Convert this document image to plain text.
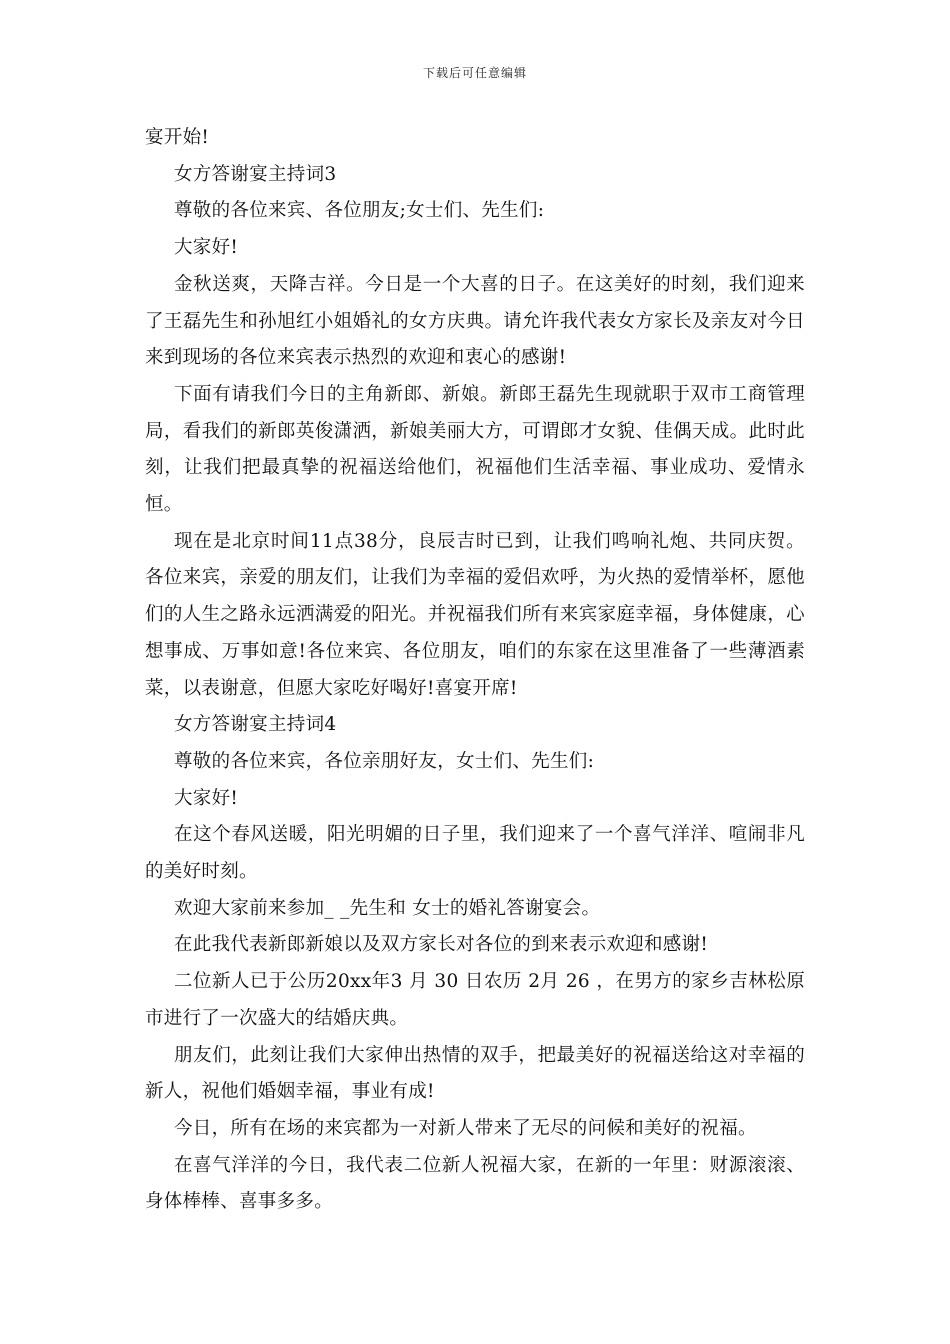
下载后可任意编辑

宴开始!

女方答谢宴主持词3

尊敬的各位来宾、各位朋友;女士们、先生们:

大家好!

金秋送爽，天降吉祥。今日是一个大喜的日子。在这美好的时刻，我们迎来了王磊先生和孙旭红小姐婚礼的女方庆典。请允许我代表女方家长及亲友对今日来到现场的各位来宾表示热烈的欢迎和衷心的感谢!

下面有请我们今日的主角新郎、新娘。新郎王磊先生现就职于双市工商管理局，看我们的新郎英俊潇洒，新娘美丽大方，可谓郎才女貌、佳偶天成。此时此刻，让我们把最真挚的祝福送给他们，祝福他们生活幸福、事业成功、爱情永恒。

现在是北京时间11点38分，良辰吉时已到，让我们鸣响礼炮、共同庆贺。各位来宾，亲爱的朋友们，让我们为幸福的爱侣欢呼，为火热的爱情举杯，愿他们的人生之路永远洒满爱的阳光。并祝福我们所有来宾家庭幸福，身体健康，心想事成、万事如意!各位来宾、各位朋友，咱们的东家在这里准备了一些薄酒素菜，以表谢意，但愿大家吃好喝好!喜宴开席!

女方答谢宴主持词4

尊敬的各位来宾，各位亲朋好友，女士们、先生们:

大家好!

在这个春风送暖，阳光明媚的日子里，我们迎来了一个喜气洋洋、喧闹非凡的美好时刻。

欢迎大家前来参加_ _先生和 女士的婚礼答谢宴会。

在此我代表新郎新娘以及双方家长对各位的到来表示欢迎和感谢!

二位新人已于公历20xx年3 月 30 日农历 2月 26 ，在男方的家乡吉林松原市进行了一次盛大的结婚庆典。

朋友们，此刻让我们大家伸出热情的双手，把最美好的祝福送给这对幸福的新人，祝他们婚姻幸福，事业有成!

今日，所有在场的来宾都为一对新人带来了无尽的问候和美好的祝福。

在喜气洋洋的今日，我代表二位新人祝福大家，在新的一年里：财源滚滚、身体棒棒、喜事多多。
